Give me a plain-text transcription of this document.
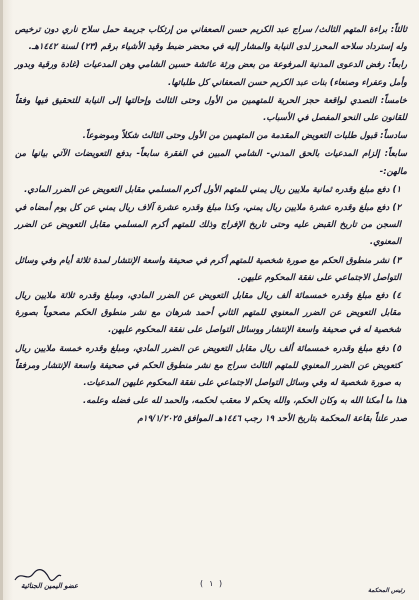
ثالثاً: براءة المتهم الثالث/ سراج عبد الكريم حسن الصعفاني من إرتكاب جريمة حمل سلاح ناري دون ترخيص وله إسترداد سلاحه المحرز لدى النيابة والمشار إليه في محضر ضبط وقيد الأشياء برقم (٢٣) لسنة ١٤٤٢هـ.

رابعاً: رفض الدعوى المدنية المرفوعة من بعض ورثة عائشة حسين الشامي وهن المدعيات (غادة ورقية وبدور وأمل وعفراء وصنعاء) بنات عبد الكريم حسن الصعفاني كل طلباتها.

خامساً: التصدي لواقعة حجز الحرية للمتهمين من الأول وحتى الثالث وإحالتها إلى النيابة للتحقيق فيها وفقاً للقانون على النحو المفصل في الأسباب.

سادساً: قبول طلبات التعويض المقدمة من المتهمين من الأول وحتى الثالث شكلاً وموضوعاً.

سابعاً: إلزام المدعيات بالحق المدني- الشامي المبين في الفقرة سابعاً- بدفع التعويضات الآتي بيانها من مالهن:-

١) دفع مبلغ وقدره ثمانية ملايين ريال يمني للمتهم الأول أكرم المسلمي مقابل التعويض عن الضرر المادي.

٢) دفع مبلغ وقدره عشرة ملايين ريال يمني، وكذا مبلغ وقدره عشرة آلاف ريال يمني عن كل يوم أمضاه في السجن من تاريخ القبض عليه وحتى تاريخ الإفراج وذلك للمتهم أكرم المسلمي مقابل التعويض عن الضرر المعنوي.

٣) نشر منطوق الحكم مع صورة شخصية للمتهم أكرم في صحيفة واسعة الإنتشار لمدة ثلاثة أيام وفي وسائل التواصل الاجتماعي على نفقة المحكوم عليهن.

٤) دفع مبلغ وقدره خمسمائة ألف ريال مقابل التعويض عن الضرر المادي، ومبلغ وقدره ثلاثة ملايين ريال مقابل التعويض عن الضرر المعنوي للمتهم الثاني أحمد شرهان مع نشر منطوق الحكم مصحوباً بصورة شخصية له في صحيفة واسعة الإنتشار ووسائل التواصل على نفقة المحكوم عليهن.

٥) دفع مبلغ وقدره خمسمائة ألف ريال مقابل التعويض عن الضرر المادي، ومبلغ وقدره خمسة ملايين ريال كتعويض عن الضرر المعنوي للمتهم الثالث سراج مع نشر منطوق الحكم في صحيفة واسعة الإنتشار ومرفقاً به صورة شخصية له وفي وسائل التواصل الاجتماعي على نفقة المحكوم عليهن المدعيات.

هذا ما أمكنا الله به وكان الحكم، والله يحكم لا معقب لحكمه، والحمد لله على فضله وعلمه.

صدر علناً بقاعة المحكمة بتاريخ الأحد ١٩ رجب ١٤٤٦هـ الموافق ١٩/١/٢٠٢٥م

عضو اليمين الجنائية	( ١ )
رئيس المحكمة
